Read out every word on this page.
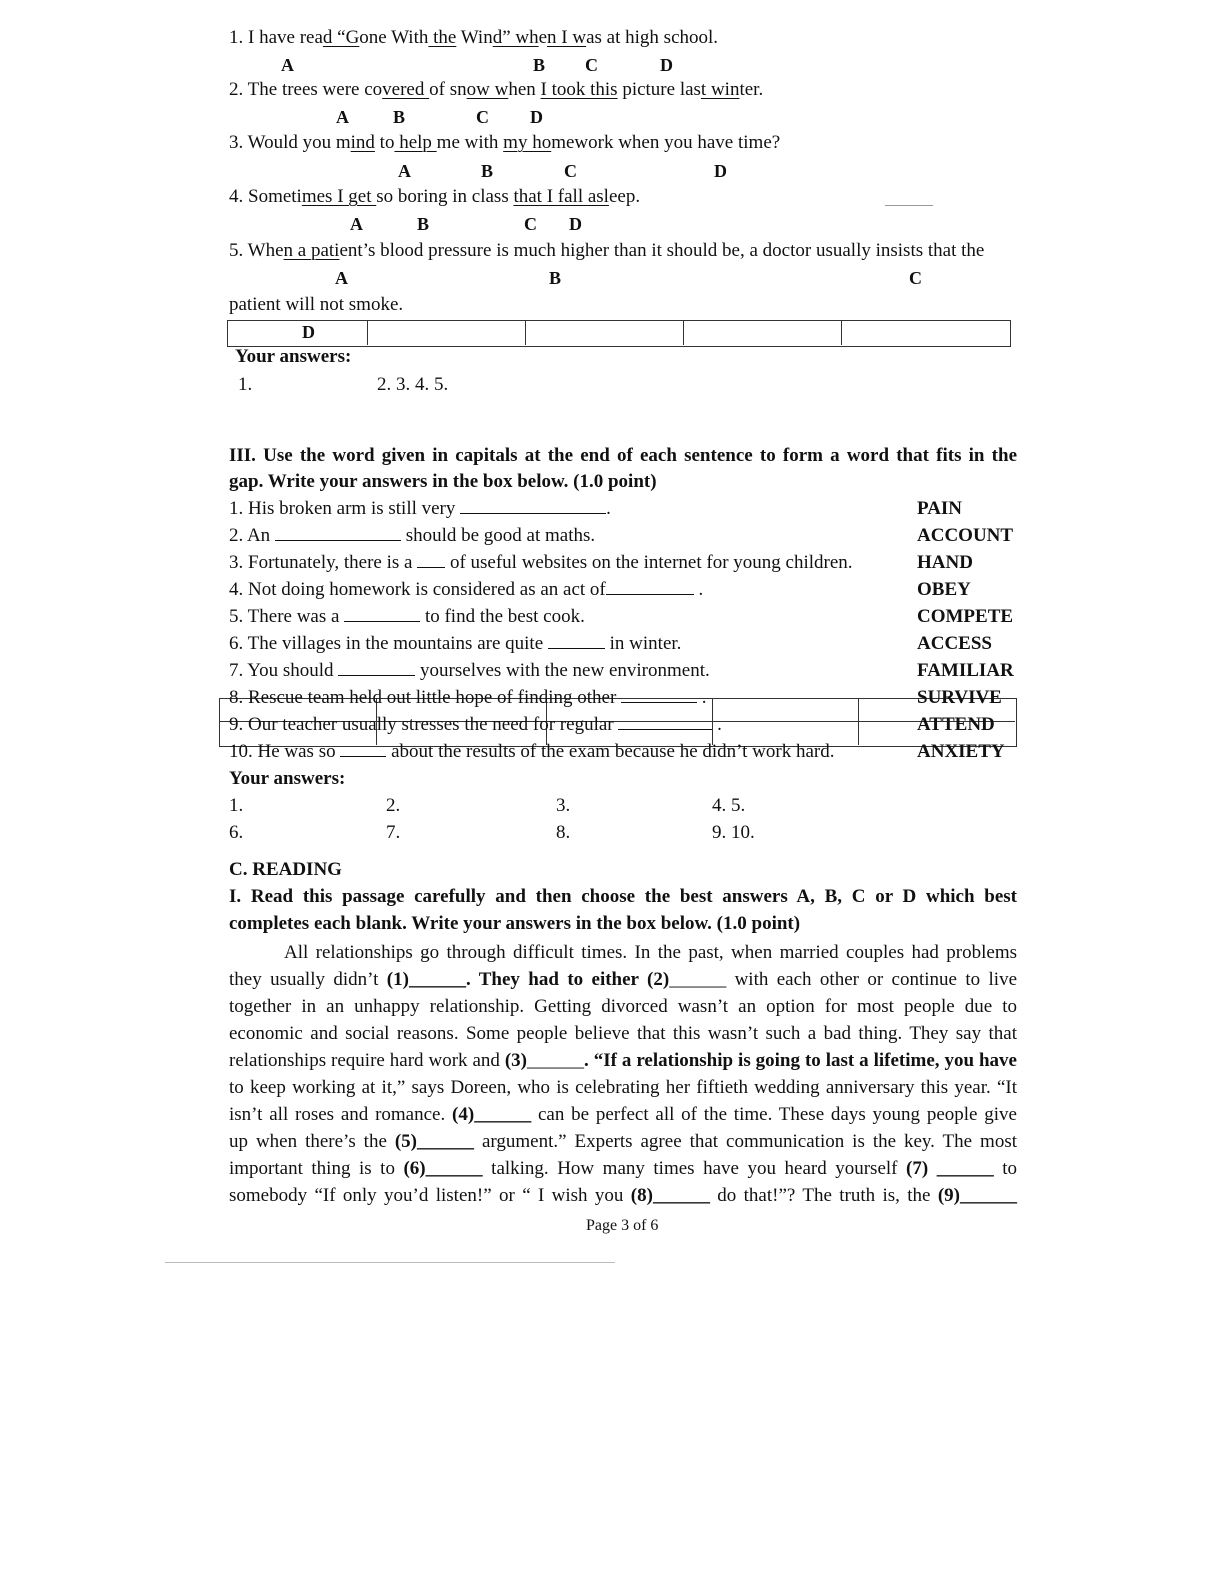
1. I have read “Gone With the Wind” when I was at high school.
A	B C	D
2. The trees were covered of snow when I took this picture last winter.
A B	C D
3. Would you mind to help me with my homework when you have time?
A	B	C	D
4. Sometimes I get so boring in class that I fall asleep.
A	B	C D
5. When a patient’s blood pressure is much higher than it should be, a doctor usually insists that the
A	B	C
patient will not smoke.
D
Your answers:
1.	2. 3. 4. 5.
III. Use the word given in capitals at the end of each sentence to form a word that fits in the
gap. Write your answers in the box below. (1.0 point)
1. His broken arm is still very	.	PAIN
2. An	should be good at maths.	ACCOUNT
3. Fortunately, there is a of useful websites on the internet for young children.	HAND
4. Not doing homework is considered as an act of	.	OBEY
5. There was a	to find the best cook.	COMPETE
6. The villages in the mountains are quite	in winter.	ACCESS
7. You should	yourselves with the new environment.	FAMILIAR
8. Rescue team held out little hope of finding other	.	SURVIVE
9. Our teacher usually stresses the need for regular	.	ATTEND
10. He was so	about the results of the exam because he didn’t work hard.	ANXIETY
Your answers:
1.	2.	3.	4. 5.
6.	7.	8.	9. 10.
C. READING
I. Read this passage carefully and then choose the best answers A, B, C or D which best
completes each blank. Write your answers in the box below. (1.0 point)

All relationships go through difficult times. In the past, when married couples had problems

they usually didn’t (1)______. They had to either (2)______ with each other or continue to live

together in an unhappy relationship. Getting divorced wasn’t an option for most people due to

economic and social reasons. Some people believe that this wasn’t such a bad thing. They say that

relationships require hard work and (3)______. “If a relationship is going to last a lifetime, you have

to keep working at it,” says Doreen, who is celebrating her fiftieth wedding anniversary this year. “It

isn’t all roses and romance. (4)______ can be perfect all of the time. These days young people give

up when there’s the (5)______ argument.” Experts agree that communication is the key. The most

important thing is to (6)______ talking. How many times have you heard yourself (7) ______ to

somebody “If only you’d listen!” or “ I wish you (8)______ do that!”? The truth is, the (9)______

Page 3 of 6
